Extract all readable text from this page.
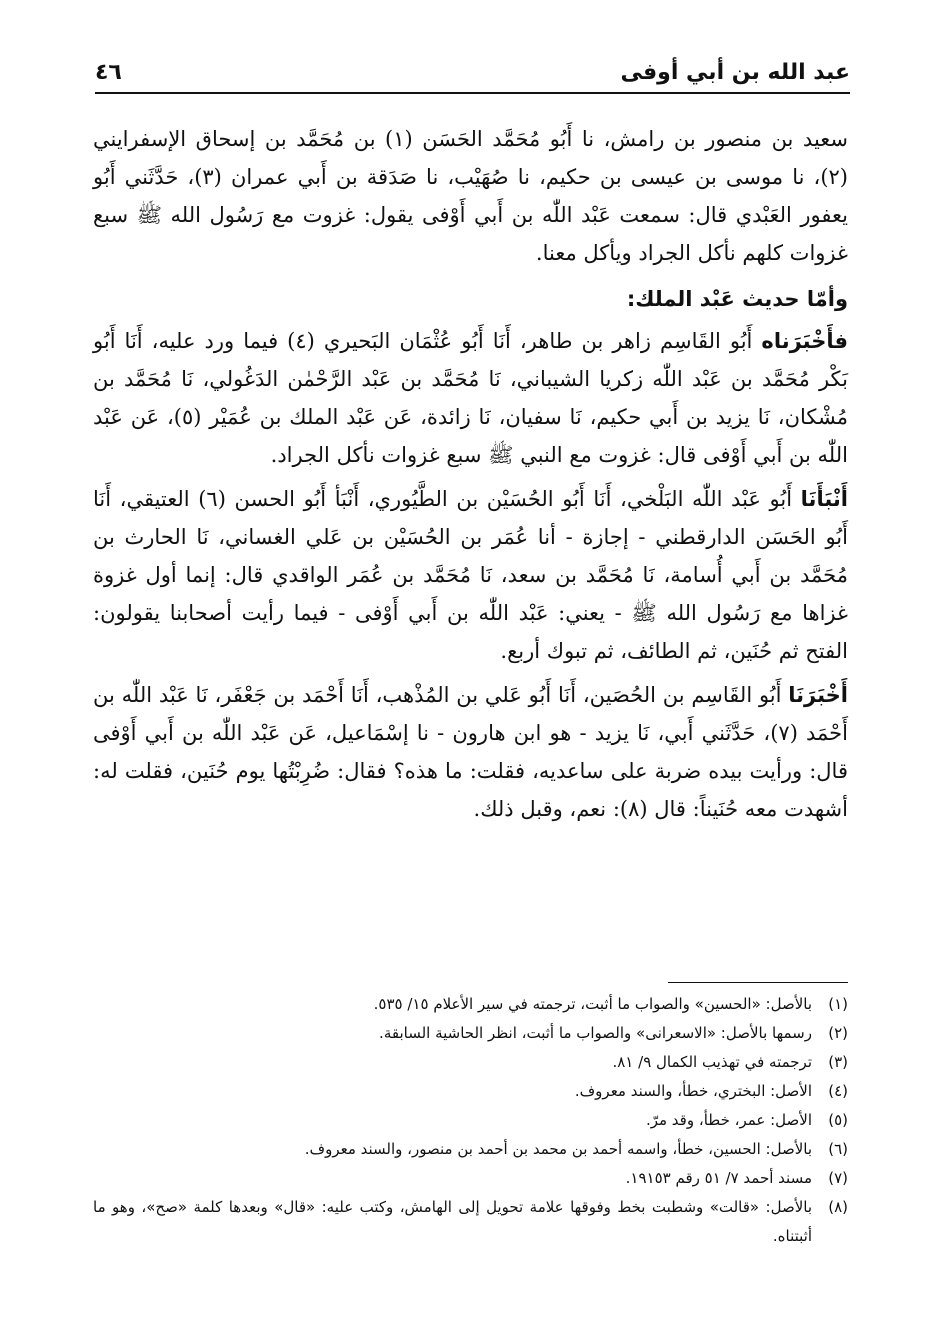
عبد الله بن أبي أوفى
٤٦

سعيد بن منصور بن رامش، نا أَبُو مُحَمَّد الحَسَن (١) بن مُحَمَّد بن إسحاق الإسفرايني (٢)، نا موسى بن عيسى بن حكيم، نا صُهَيْب، نا صَدَقة بن أَبي عمران (٣)، حَدَّثَني أَبُو يعفور العَبْدي قال: سمعت عَبْد اللّٰه بن أَبي أَوْفى يقول: غزوت مع رَسُول الله ﷺ سبع غزوات كلهم نأكل الجراد ويأكل معنا.

وأمّا حديث عَبْد الملك:

فأَخْبَرَناه أَبُو القَاسِم زاهر بن طاهر، أَنَا أَبُو عُثْمَان البَحيري (٤) فيما ورد عليه، أَنَا أَبُو بَكْر مُحَمَّد بن عَبْد اللّٰه زكريا الشيباني، نَا مُحَمَّد بن عَبْد الرَّحْمٰن الدَغُولي، نَا مُحَمَّد بن مُشْكان، نَا يزيد بن أَبي حكيم، نَا سفيان، نَا زائدة، عَن عَبْد الملك بن عُمَيْر (٥)، عَن عَبْد اللّٰه بن أَبي أَوْفى قال: غزوت مع النبي ﷺ سبع غزوات نأكل الجراد.

أَنْبَأَنَا أَبُو عَبْد اللّٰه البَلْخي، أَنَا أَبُو الحُسَيْن بن الطَّيُوري، أَنْبَأ أَبُو الحسن (٦) العتيقي، أَنَا أَبُو الحَسَن الدارقطني - إجازة - أنا عُمَر بن الحُسَيْن بن عَلي الغساني، نَا الحارث بن مُحَمَّد بن أَبي أُسامة، نَا مُحَمَّد بن سعد، نَا مُحَمَّد بن عُمَر الواقدي قال: إنما أول غزوة غزاها مع رَسُول الله ﷺ - يعني: عَبْد اللّٰه بن أَبي أَوْفى - فيما رأيت أصحابنا يقولون: الفتح ثم حُنَين، ثم الطائف، ثم تبوك أربع.

أَخْبَرَنَا أَبُو القَاسِم بن الحُصَين، أَنَا أَبُو عَلي بن المُذْهب، أَنَا أَحْمَد بن جَعْفَر، نَا عَبْد اللّٰه بن أَحْمَد (٧)، حَدَّثَني أَبي، نَا يزيد - هو ابن هارون - نا إسْمَاعيل، عَن عَبْد اللّٰه بن أَبي أَوْفى قال: ورأيت بيده ضربة على ساعديه، فقلت: ما هذه؟ فقال: ضُرِبْتُها يوم حُنَين، فقلت له: أشهدت معه حُنَيناً: قال (٨): نعم، وقبل ذلك.

(١)
بالأصل: «الحسين» والصواب ما أثبت، ترجمته في سير الأعلام ١٥/ ٥٣٥.
(٢)
رسمها بالأصل: «الاسعرانى» والصواب ما أثبت، انظر الحاشية السابقة.
(٣)
ترجمته في تهذيب الكمال ٩/ ٨١.
(٤)
الأصل: البختري، خطأ، والسند معروف.
(٥)
الأصل: عمر، خطأ، وقد مرّ.
(٦)
بالأصل: الحسين، خطأ، واسمه أحمد بن محمد بن أحمد بن منصور، والسند معروف.
(٧)
مسند أحمد ٧/ ٥١ رقم ١٩١٥٣.
(٨)
بالأصل: «قالت» وشطبت بخط وفوقها علامة تحويل إلى الهامش، وكتب عليه: «قال» وبعدها كلمة «صح»، وهو ما أثبتناه.
